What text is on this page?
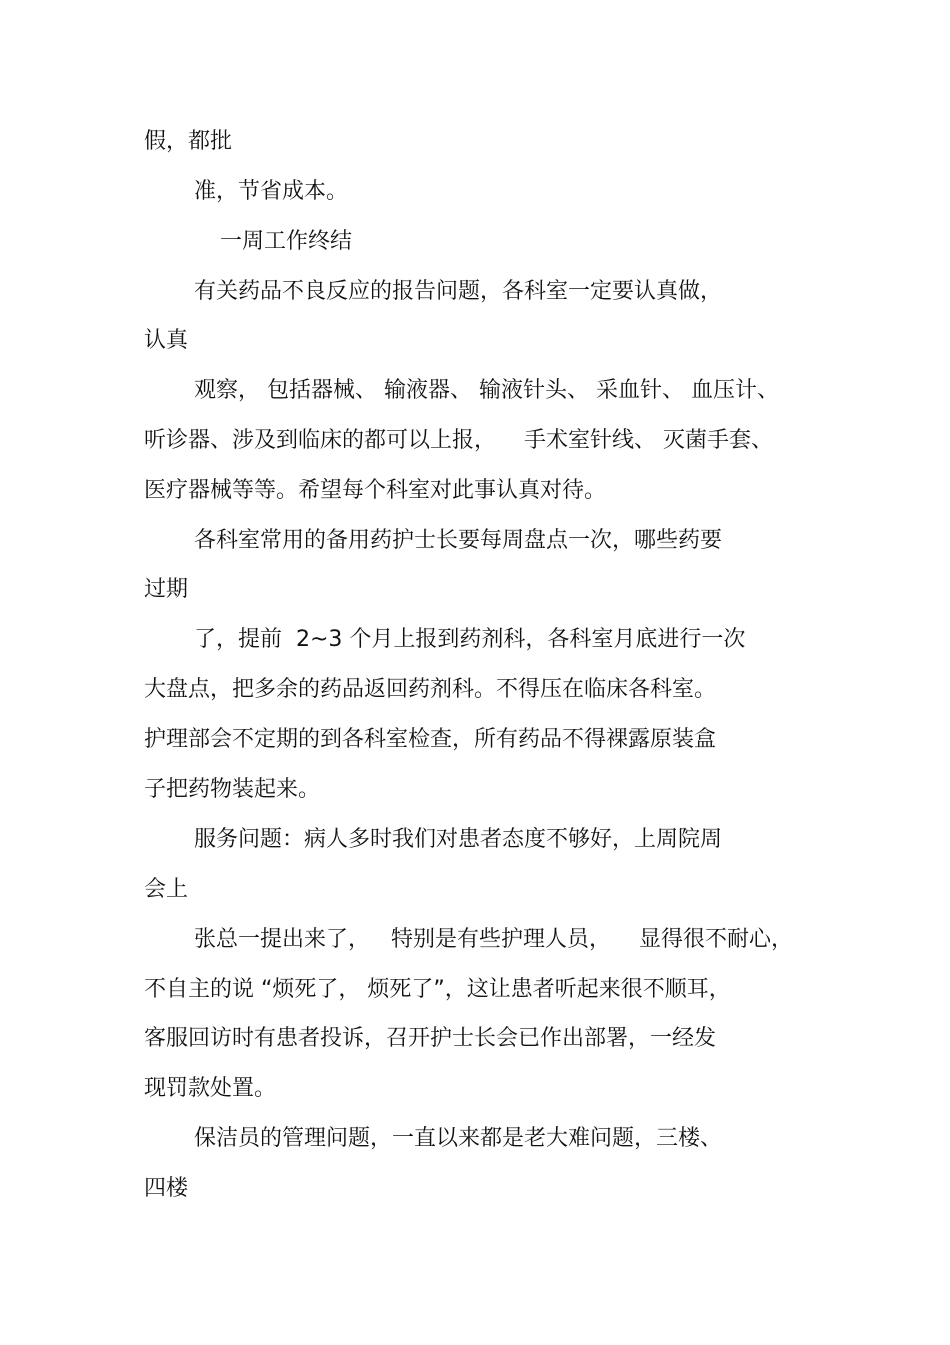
假，都批
准，节省成本。
一周工作终结
有关药品不良反应的报告问题，各科室一定要认真做，
认真
观察， 包括器械、 输液器、 输液针头、 采血针、 血压计、
听诊器、涉及到临床的都可以上报，    手术室针线、 灭菌手套、
医疗器械等等。希望每个科室对此事认真对待。
各科室常用的备用药护士长要每周盘点一次，哪些药要
过期
了，提前  2~3 个月上报到药剂科，各科室月底进行一次
大盘点，把多余的药品返回药剂科。不得压在临床各科室。
护理部会不定期的到各科室检查，所有药品不得裸露原装盒
子把药物装起来。
服务问题：病人多时我们对患者态度不够好，上周院周
会上
张总一提出来了，   特别是有些护理人员，    显得很不耐心，
不自主的说 “烦死了， 烦死了”，这让患者听起来很不顺耳，
客服回访时有患者投诉，召开护士长会已作出部署，一经发
现罚款处置。
保洁员的管理问题，一直以来都是老大难问题，三楼、
四楼
